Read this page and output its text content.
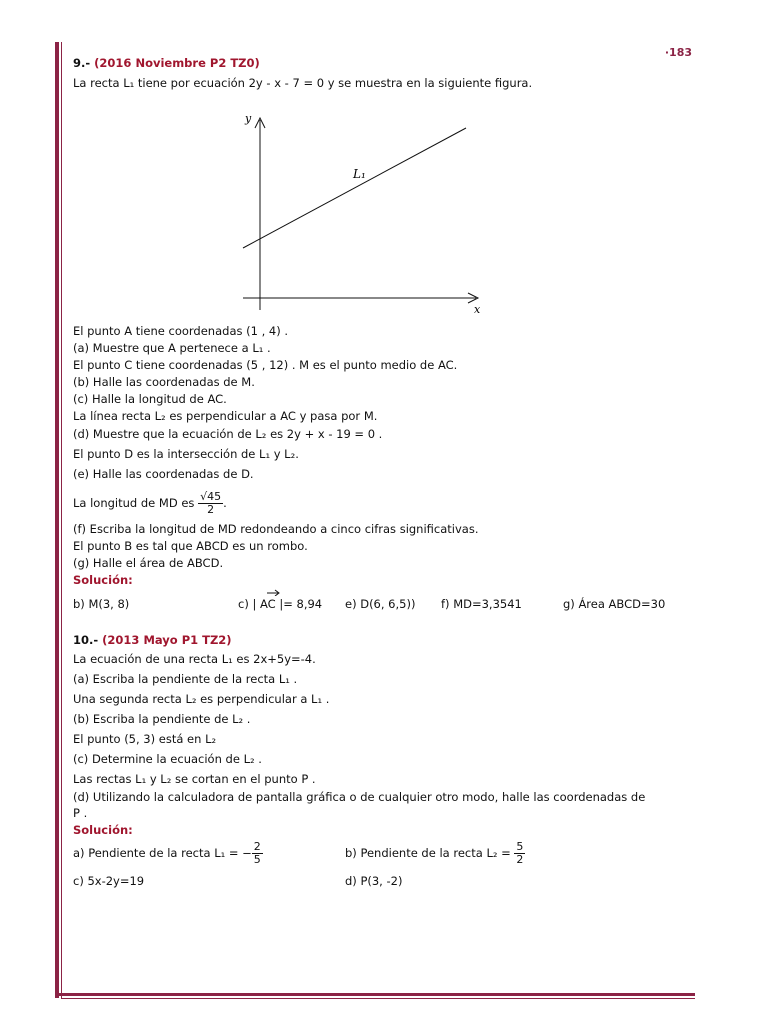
·183
9.- (2016 Noviembre P2 TZ0)
La recta L₁ tiene por ecuación 2y - x - 7 = 0 y se muestra en la siguiente figura.
y
x
L₁
El punto A tiene coordenadas (1 , 4) .
(a) Muestre que A pertenece a L₁ .
El punto C tiene coordenadas (5 , 12) . M es el punto medio de AC.
(b) Halle las coordenadas de M.
(c) Halle la longitud de AC.
La línea recta L₂ es perpendicular a AC y pasa por M.
(d) Muestre que la ecuación de L₂ es 2y + x - 19 = 0 .
El punto D es la intersección de L₁ y L₂.
(e) Halle las coordenadas de D.
La longitud de MD es
$\frac{√45}{2}$ .
(f) Escriba la longitud de MD redondeando a cinco cifras significativas.
El punto B es tal que ABCD es un rombo.
(g) Halle el área de ABCD.
Solución:
b) M(3, 8)	c) | AC |= 8,94 e) D(6, 6,5)) f) MD=3,3541	g) Área ABCD=30
10.- (2013 Mayo P1 TZ2)
La ecuación de una recta L₁ es 2x+5y=-4.
(a) Escriba la pendiente de la recta L₁ .
Una segunda recta L₂ es perpendicular a L₁ .
(b) Escriba la pendiente de L₂ .
El punto (5, 3) está en L₂
(c) Determine la ecuación de L₂ .
Las rectas L₁ y L₂ se cortan en el punto P .
(d) Utilizando la calculadora de pantalla gráfica o de cualquier otro modo, halle las coordenadas de
P .
Solución:
a) Pendiente de la recta L₁ = − $\frac{2}{5}$	b) Pendiente de la recta L₂ =
$\frac{5}{2}$
c) 5x-2y=19	d) P(3, -2)
